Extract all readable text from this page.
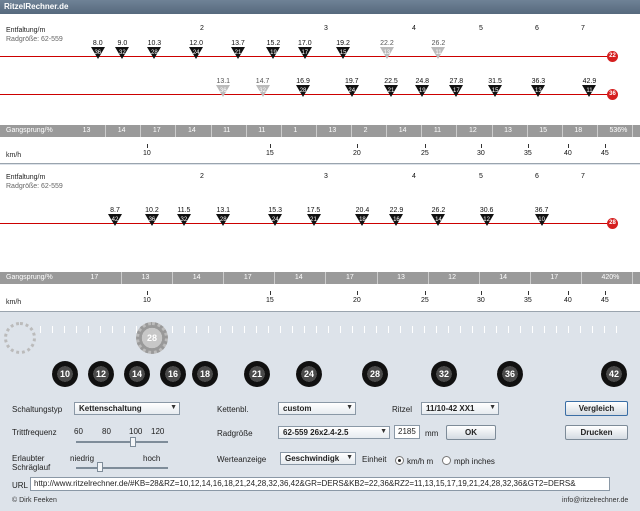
RitzelRechner.de
Entfaltung/m
Radgröße: 62-559
2	3	4	5	6	7
22
8.0
36
9.0
32
10.3
28
12.0
24
13.7
21
15.2
19
17.0
17
19.2
15
22.2
13
26.2
11
36
13.1
36
14.7
32
16.9
28
19.7
24
22.5
21
24.8
19
27.8
17
31.5
15
36.3
13
42.9
11
Gangsprung/%	13	14	17	14	11	11	1	13	2	14	11	12	13	15	18	536%
km/h	10	15	20	25	30	35	40	45
Entfaltung/m
Radgröße: 62-559
2	3	4	5	6	7
28
8.7
42
10.2
36
11.5
32
13.1
28
15.3
24
17.5
21
20.4
18
22.9
16
26.2
14
30.6
12
36.7
10
Gangsprung/%	17	13	14	17	14	17	13	12	14	17	420%
km/h	10	15	20	25	30	35	40	45
28
10	12	14	16	18	21	24	28	32	36	42
Schaltungstyp	Kettenschaltung	▼
Trittfrequenz 60 80 100 120
Erlaubter
Schräglauf
niedrig	hoch
Kettenbl.	custom	▼
Radgröße	62-559 26x2.4-2.5	▼	2185	mm	OK
Werteanzeige	Geschwindigk ▼ Einheit	km/h m	mph inches
Ritzel	11/10-42 XX1 ▼	Vergleich
Drucken
URL http://www.ritzelrechner.de/#KB=28&RZ=10,12,14,16,18,21,24,28,32,36,42&GR=DERS&KB2=22,36&RZ2=11,13,15,17,19,21,24,28,32,36&GT2=DERS&
© Dirk Feeken	info@ritzelrechner.de
